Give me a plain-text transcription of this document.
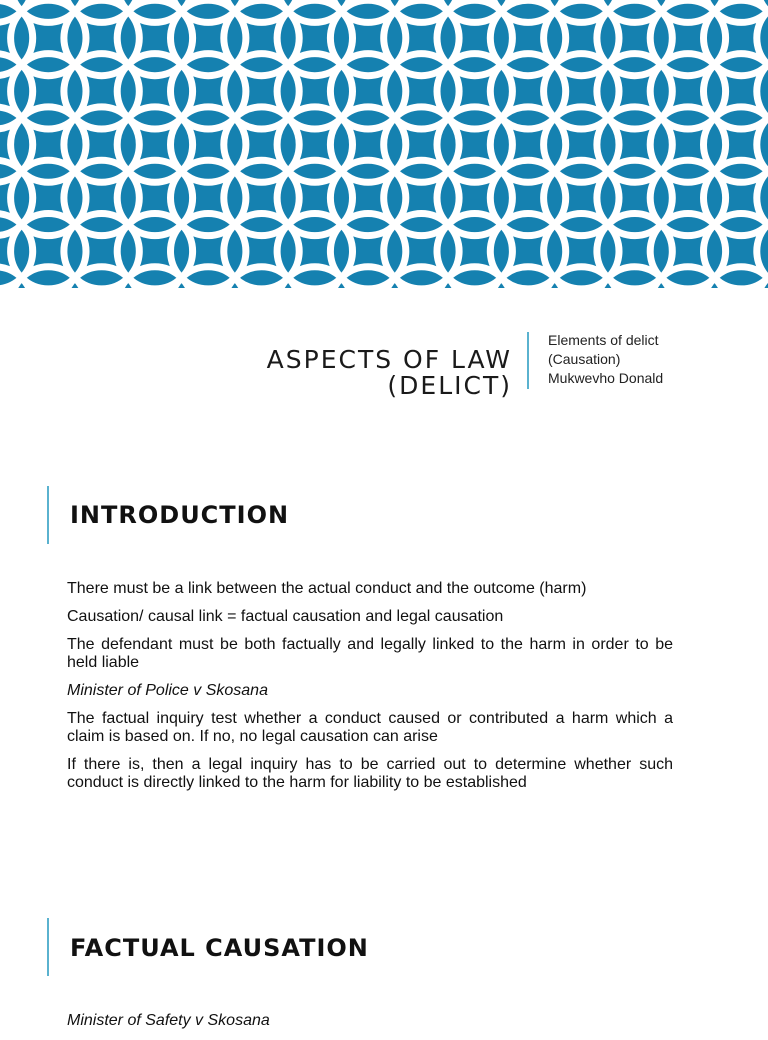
ASPECTS OF LAW
(DELICT)
Elements of delict
(Causation)
Mukwevho Donald
INTRODUCTION
There must be a link between the actual conduct and the outcome (harm)
Causation/ causal link = factual causation and legal causation
The defendant must be both factually and legally linked to the harm in order to be held liable
Minister of Police v Skosana
The factual inquiry test whether a conduct caused or contributed a harm which a claim is based on. If no, no legal causation can arise
If there is, then a legal inquiry has to be carried out to determine whether such conduct is directly linked to the harm for liability to be established
FACTUAL CAUSATION
Minister of Safety v Skosana
